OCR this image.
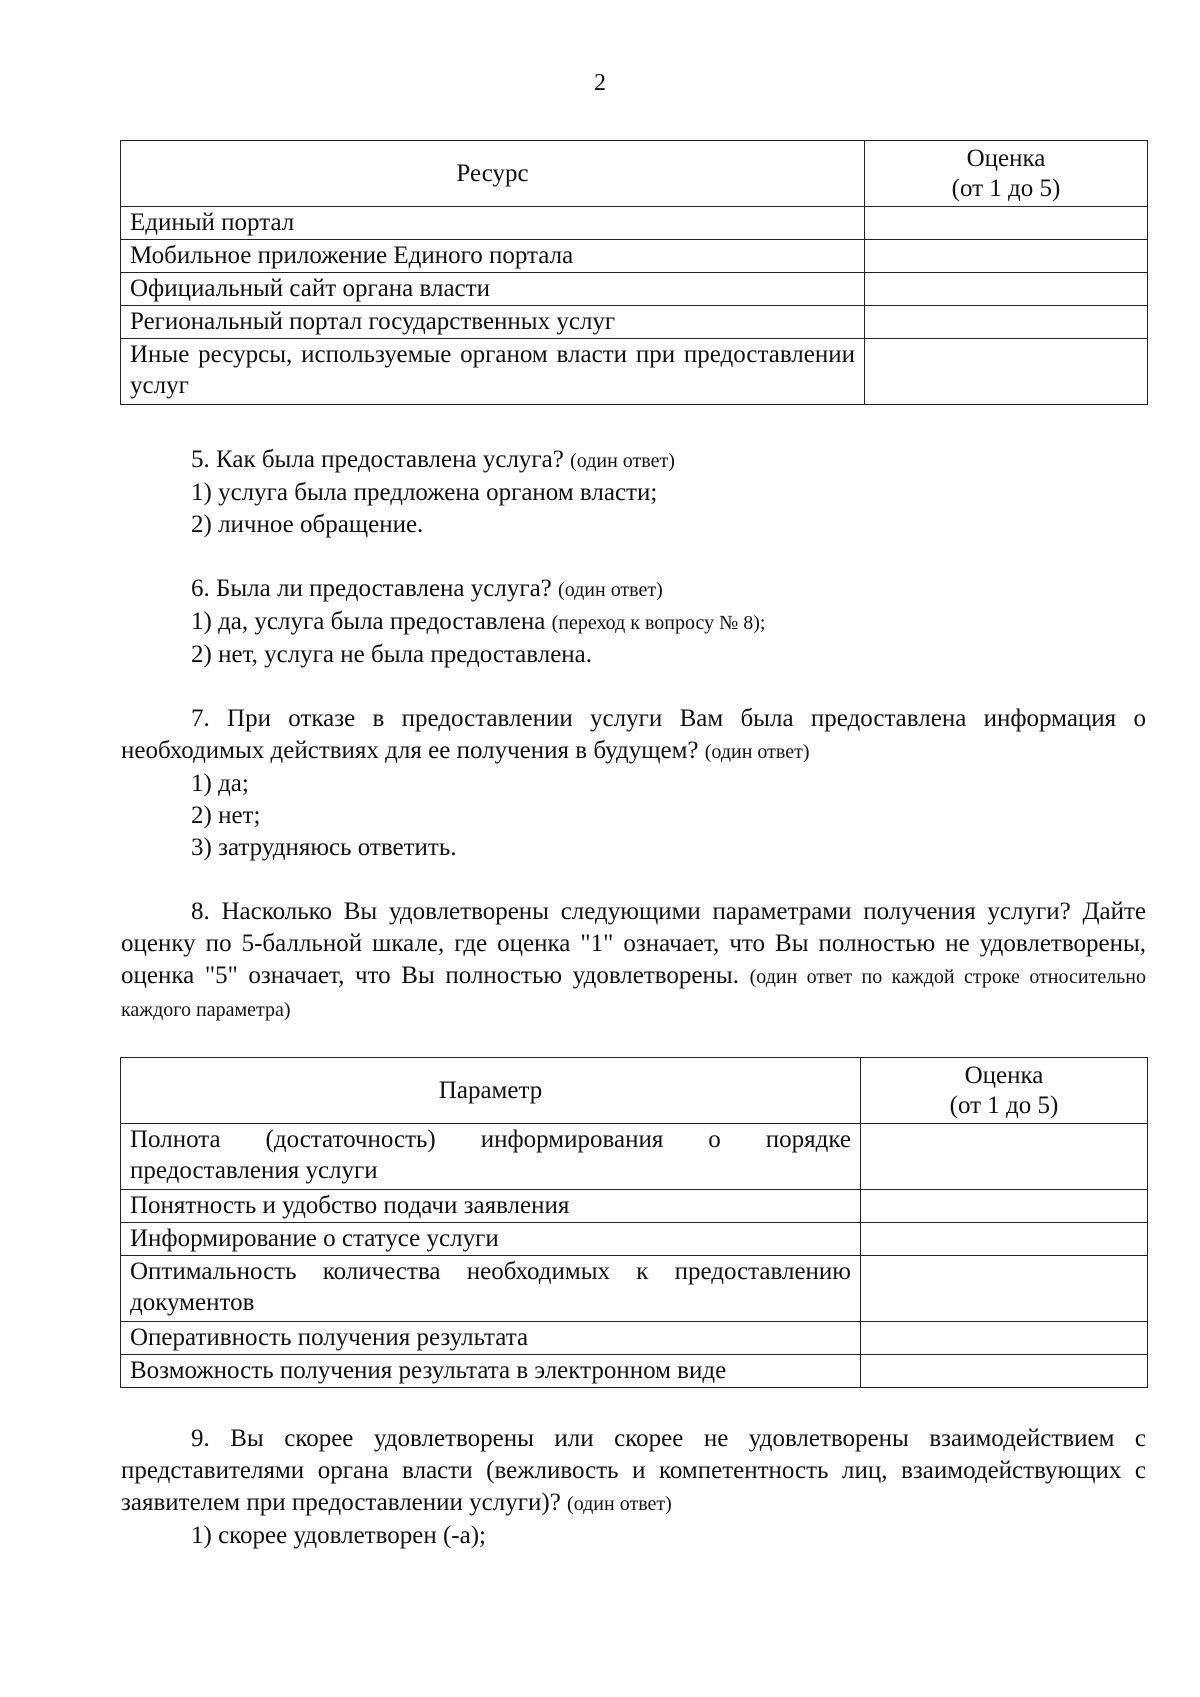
2
Ресурс	Оценка
(от 1 до 5)

Единый портал	
Мобильное приложение Единого портала	
Официальный сайт органа власти	
Региональный портал государственных услуг	
Иные ресурсы, используемые органом власти при предоставлении услуг	

5. Как была предоставлена услуга? (один ответ)

1) услуга была предложена органом власти;

2) личное обращение.

6. Была ли предоставлена услуга? (один ответ)

1) да, услуга была предоставлена (переход к вопросу № 8);

2) нет, услуга не была предоставлена.

7. При отказе в предоставлении услуги Вам была предоставлена информация о необходимых действиях для ее получения в будущем? (один ответ)

1) да;

2) нет;

3) затрудняюсь ответить.

8. Насколько Вы удовлетворены следующими параметрами получения услуги? Дайте оценку по 5-балльной шкале, где оценка "1" означает, что Вы полностью не удовлетворены, оценка "5" означает, что Вы полностью удовлетворены. (один ответ по каждой строке относительно каждого параметра)

Параметр	Оценка
(от 1 до 5)

Полнота (достаточность) информирования о порядке предоставления услуги	
Понятность и удобство подачи заявления	
Информирование о статусе услуги	
Оптимальность количества необходимых к предоставлению документов	
Оперативность получения результата	
Возможность получения результата в электронном виде	

9. Вы скорее удовлетворены или скорее не удовлетворены взаимодействием с представителями органа власти (вежливость и компетентность лиц, взаимодействующих с заявителем при предоставлении услуги)? (один ответ)

1) скорее удовлетворен (-а);
